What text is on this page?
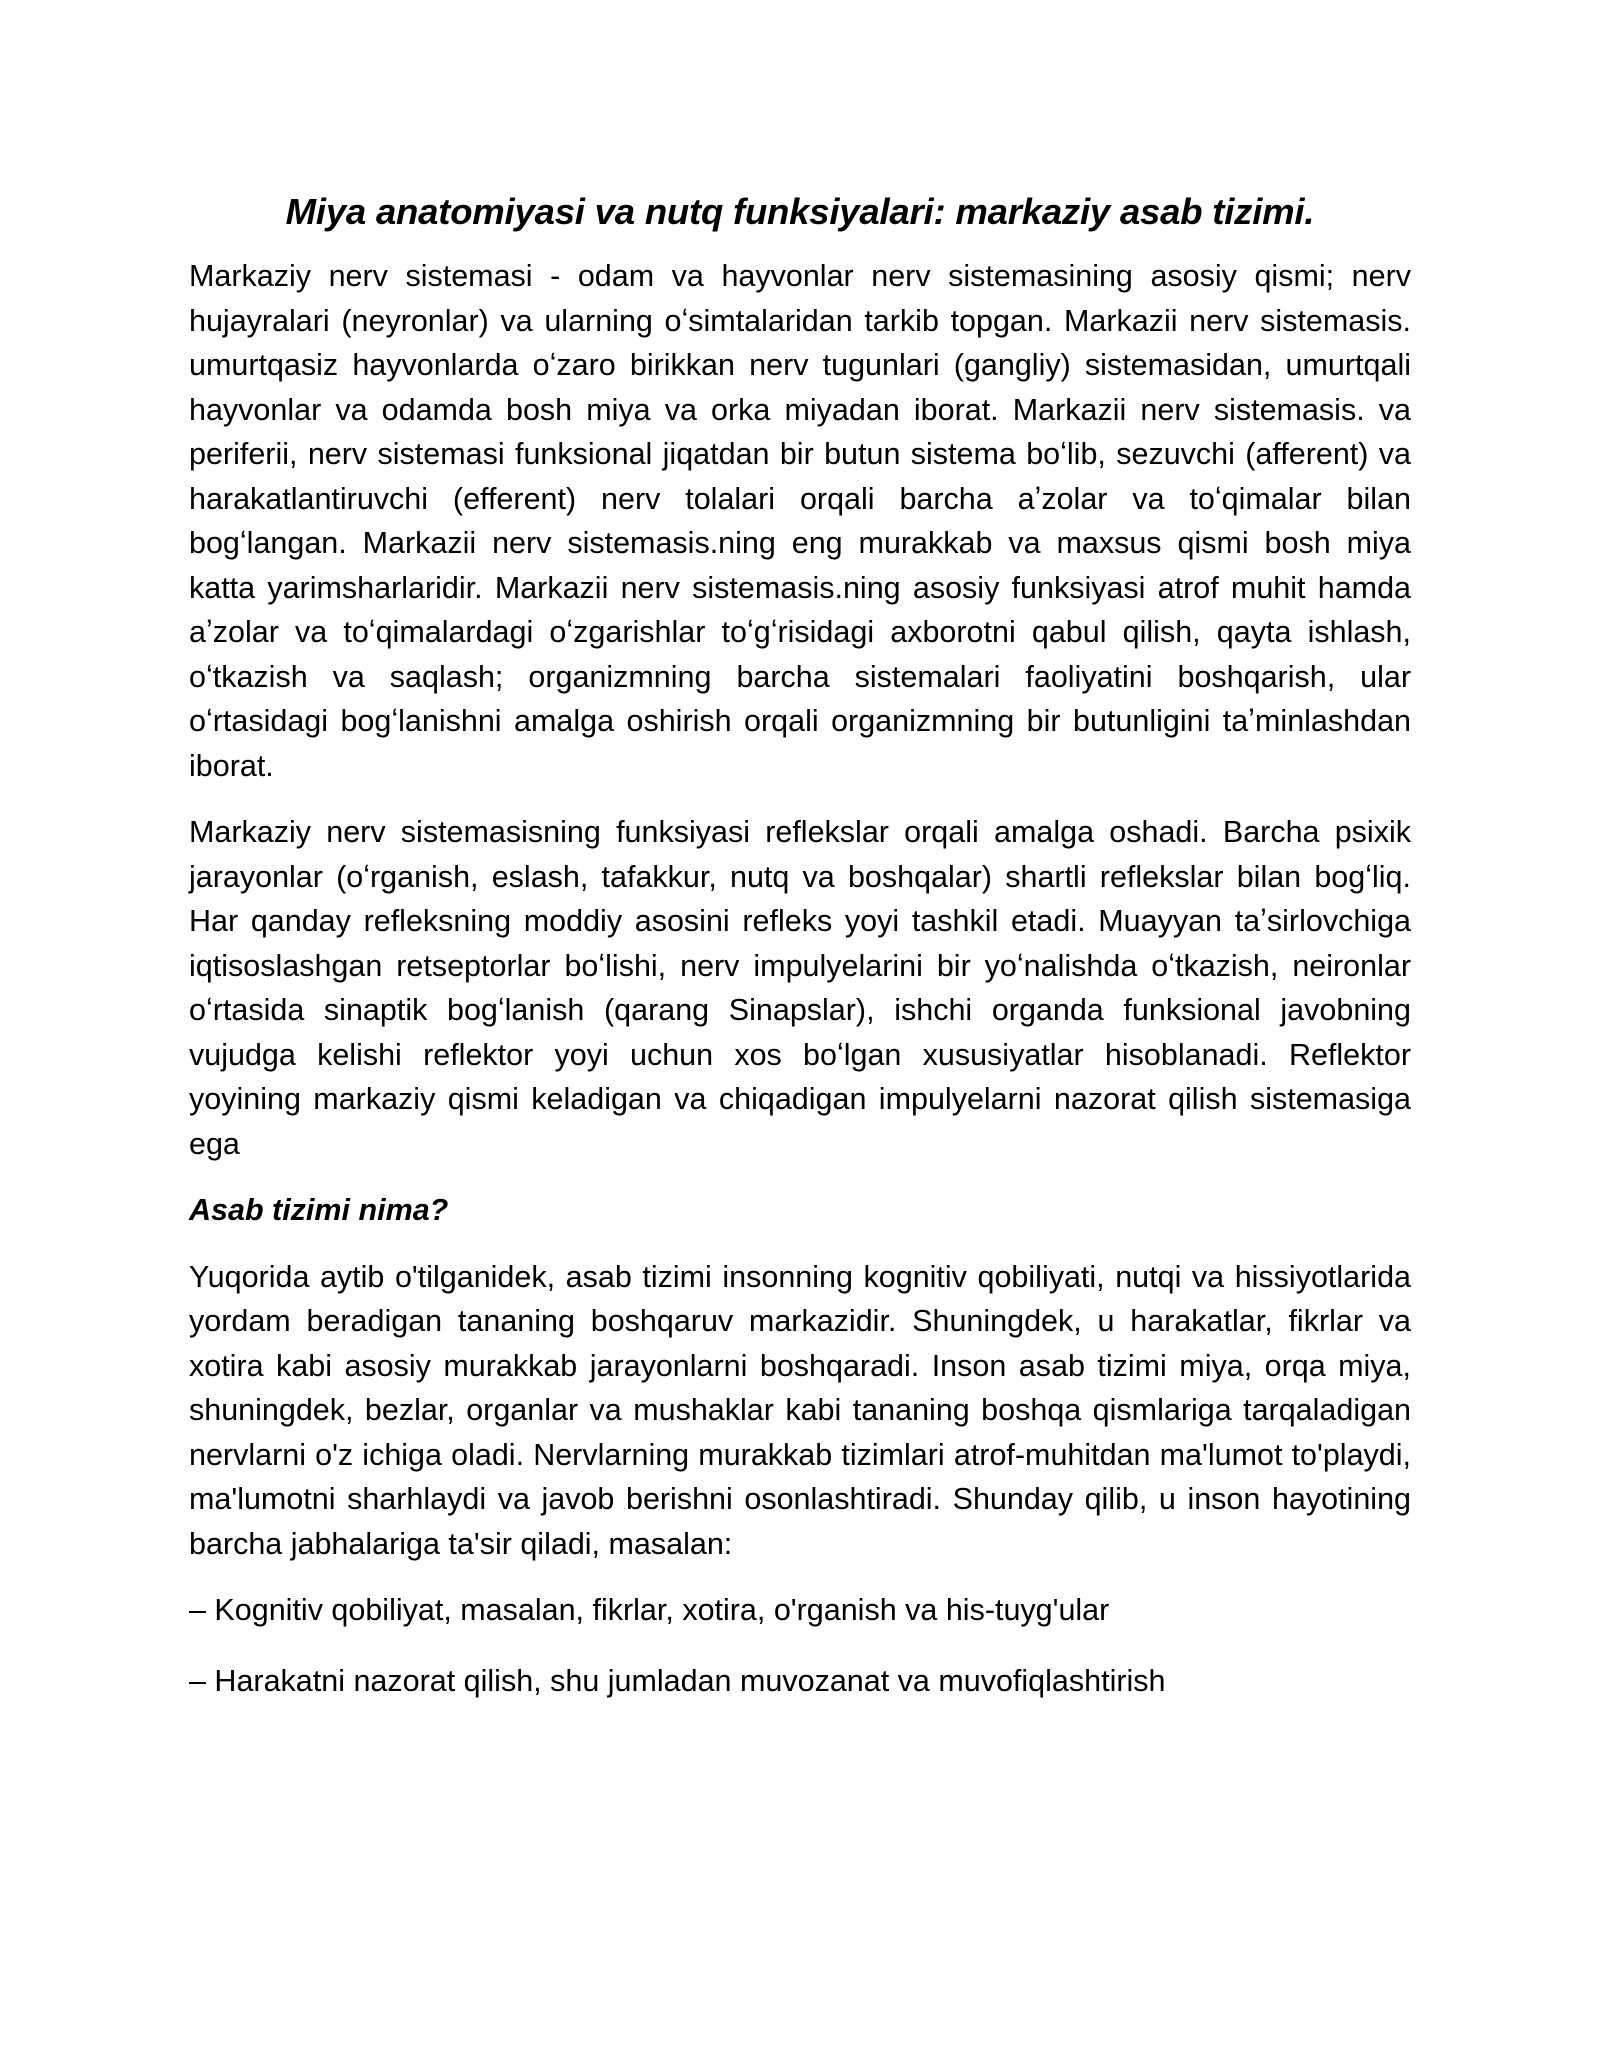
Miya anatomiyasi va nutq funksiyalari: markaziy asab tizimi.

Markaziy nerv sistemasi - odam va hayvonlar nerv sistemasining asosiy qismi; nerv hujayralari (neyronlar) va ularning oʻsimtalaridan tarkib topgan. Markazii nerv sistemasis. umurtqasiz hayvonlarda oʻzaro birikkan nerv tugunlari (gangliy) sistemasidan, umurtqali hayvonlar va odamda bosh miya va orka miyadan iborat. Markazii nerv sistemasis. va periferii, nerv sistemasi funksional jiqatdan bir butun sistema boʻlib, sezuvchi (afferent) va harakatlantiruvchi (efferent) nerv tolalari orqali barcha aʼzolar va toʻqimalar bilan bogʻlangan. Markazii nerv sistemasis.ning eng murakkab va maxsus qismi bosh miya katta yarimsharlaridir. Markazii nerv sistemasis.ning asosiy funksiyasi atrof muhit hamda aʼzolar va toʻqimalardagi oʻzgarishlar toʻgʻrisidagi axborotni qabul qilish, qayta ishlash, oʻtkazish va saqlash; organizmning barcha sistemalari faoliyatini boshqarish, ular oʻrtasidagi bogʻlanishni amalga oshirish orqali organizmning bir butunligini taʼminlashdan iborat.

Markaziy nerv sistemasisning funksiyasi reflekslar orqali amalga oshadi. Barcha psixik jarayonlar (oʻrganish, eslash, tafakkur, nutq va boshqalar) shartli reflekslar bilan bogʻliq. Har qanday refleksning moddiy asosini refleks yoyi tashkil etadi. Muayyan taʼsirlovchiga iqtisoslashgan retseptorlar boʻlishi, nerv impulyelarini bir yoʻnalishda oʻtkazish, neironlar oʻrtasida sinaptik bogʻlanish (qarang Sinapslar), ishchi organda funksional javobning vujudga kelishi reflektor yoyi uchun xos boʻlgan xususiyatlar hisoblanadi. Reflektor yoyining markaziy qismi keladigan va chiqadigan impulyelarni nazorat qilish sistemasiga ega

Asab tizimi nima?

Yuqorida aytib o'tilganidek, asab tizimi insonning kognitiv qobiliyati, nutqi va hissiyotlarida yordam beradigan tananing boshqaruv markazidir. Shuningdek, u harakatlar, fikrlar va xotira kabi asosiy murakkab jarayonlarni boshqaradi. Inson asab tizimi miya, orqa miya, shuningdek, bezlar, organlar va mushaklar kabi tananing boshqa qismlariga tarqaladigan nervlarni o'z ichiga oladi. Nervlarning murakkab tizimlari atrof-muhitdan ma'lumot to'playdi, ma'lumotni sharhlaydi va javob berishni osonlashtiradi. Shunday qilib, u inson hayotining barcha jabhalariga ta'sir qiladi, masalan:

– Kognitiv qobiliyat, masalan, fikrlar, xotira, o'rganish va his-tuyg'ular

– Harakatni nazorat qilish, shu jumladan muvozanat va muvofiqlashtirish
